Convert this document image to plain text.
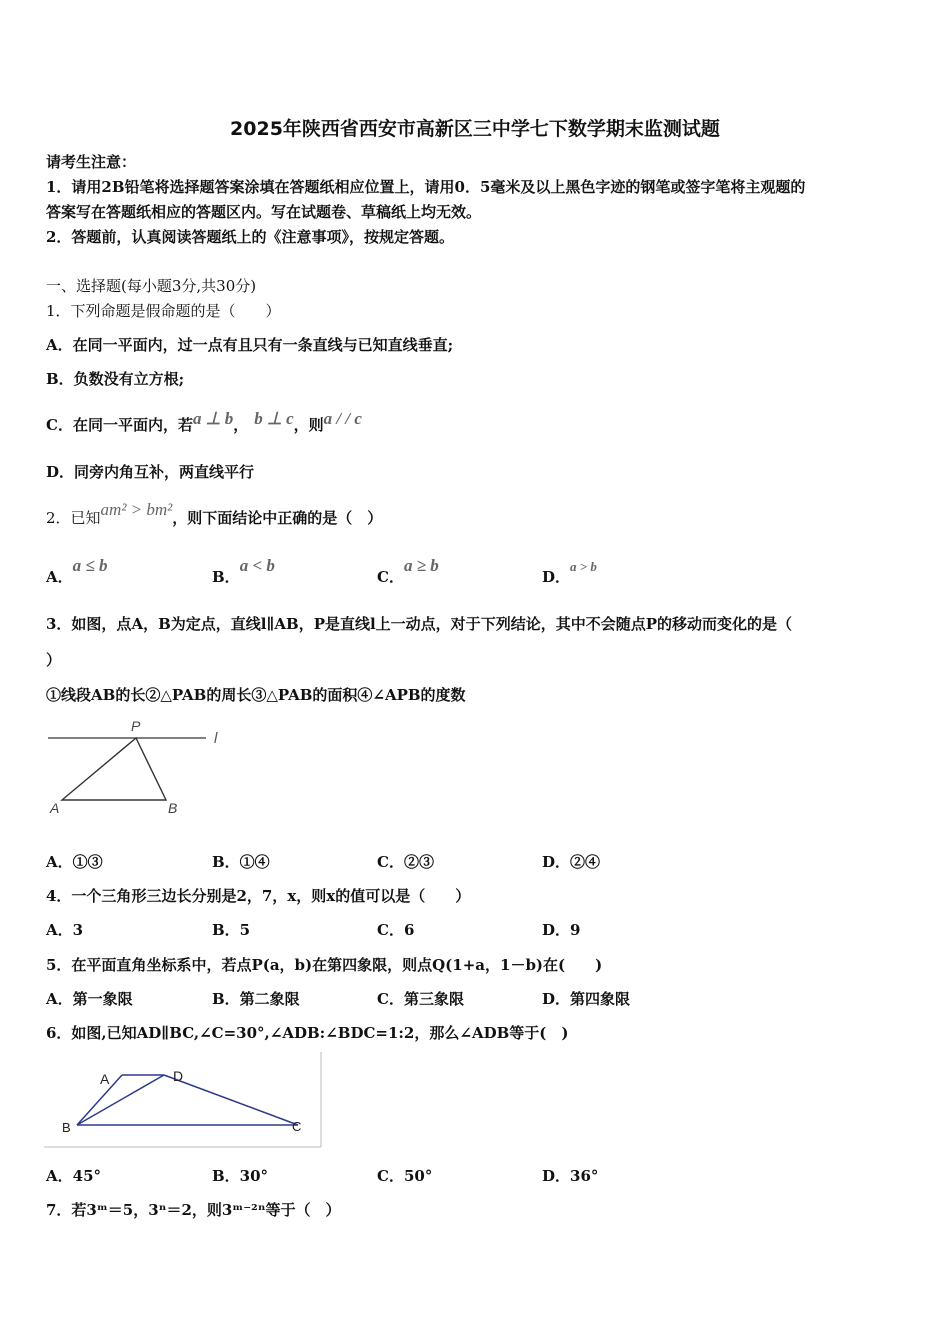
2025年陕西省西安市高新区三中学七下数学期末监测试题
请考生注意：
1．请用2B铅笔将选择题答案涂填在答题纸相应位置上，请用0．5毫米及以上黑色字迹的钢笔或签字笔将主观题的
答案写在答题纸相应的答题区内。写在试题卷、草稿纸上均无效。
2．答题前，认真阅读答题纸上的《注意事项》，按规定答题。
一、选择题(每小题3分,共30分)
1．下列命题是假命题的是（　　）
A．在同一平面内，过一点有且只有一条直线与已知直线垂直;
B．负数没有立方根;
C．在同一平面内，若a ⊥ b， b ⊥ c，则a / / c
D．同旁内角互补，两直线平行
2．已知am² > bm²，则下面结论中正确的是（　）
A．a ≤ b
B．a < b
C．a ≥ b
D．a > b
3．如图，点A，B为定点，直线l∥AB，P是直线l上一动点，对于下列结论，其中不会随点P的移动而变化的是（
）
①线段AB的长②△PAB的周长③△PAB的面积④∠APB的度数
P
l
A	B
A．①③	B．①④	C．②③	D．②④
4．一个三角形三边长分别是2，7，x，则x的值可以是（　　）
A．3	B．5	C．6	D．9
5．在平面直角坐标系中，若点P(a，b)在第四象限，则点Q(1+a，1－b)在(　　)
A．第一象限	B．第二象限	C．第三象限	D．第四象限
6．如图,已知AD∥BC,∠C=30°,∠ADB:∠BDC=1:2，那么∠ADB等于(　)
A	D
B	C
A．45°	B．30°	C．50°	D．36°
7．若3ᵐ＝5，3ⁿ＝2，则3ᵐ⁻²ⁿ等于（　）
